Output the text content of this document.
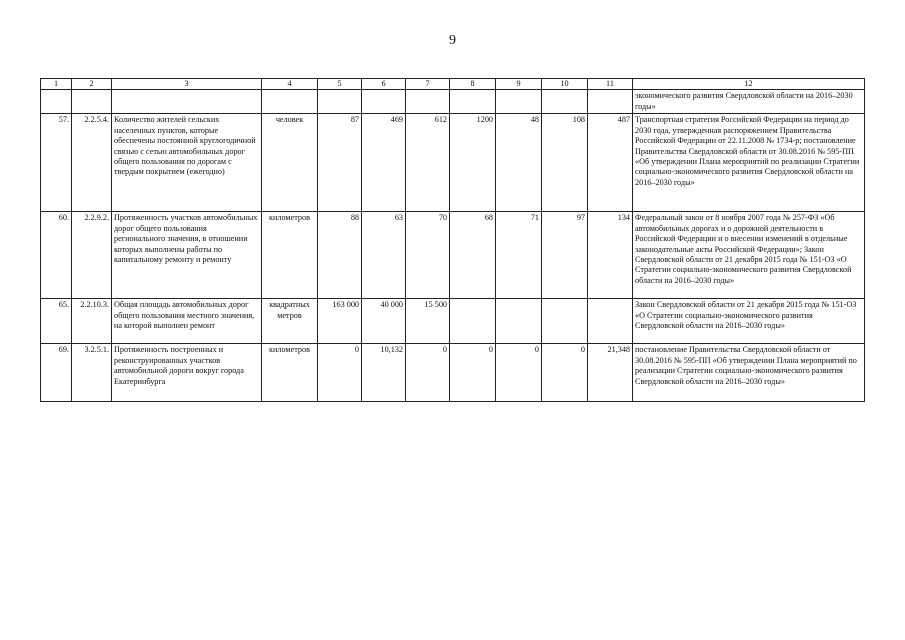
9
1	2	3	4	5	6	7	8	9	10	11	12
											экономического развития Свердловской области на 2016–2030 годы»
57.	2.2.5.4.	Количество жителей сельских населенных пунктов, которые обеспечены постоянной круглогодичной связью с сетью автомобильных дорог общего пользования по дорогам с твердым покрытием (ежегодно)	человек	87	469	612	1200	48	108	487	Транспортная стратегия Российской Федерации на период до 2030 года, утвержденная распоряжением Правительства Российской Федерации от 22.11.2008 № 1734-р; постановление Правительства Свердловской области от 30.08.2016 № 595-ПП «Об утверждении Плана мероприятий по реализации Стратегии социально-экономического развития Свердловской области на 2016–2030 годы»
60.	2.2.9.2.	Протяженность участков автомобильных дорог общего пользования регионального значения, в отношении которых выполнены работы по капитальному ремонту и ремонту	километров	88	63	70	68	71	97	134	Федеральный закон от 8 ноября 2007 года № 257-ФЗ «Об автомобильных дорогах и о дорожной деятельности в Российской Федерации и о внесении изменений в отдельные законодательные акты Российской Федерации»; Закон Свердловской области от 21 декабря 2015 года № 151-ОЗ «О Стратегии социально-экономического развития Свердловской области на 2016–2030 годы»
65.	2.2.10.3.	Общая площадь автомобильных дорог общего пользования местного значения, на которой выполнен ремонт	квадратных метров	163 000	40 000	15 500					Закон Свердловской области от 21 декабря 2015 года № 151-ОЗ «О Стратегии социально-экономического развития Свердловской области на 2016–2030 годы»
69.	3.2.5.1.	Протяженность построенных и реконструированных участков автомобильной дороги вокруг города Екатеринбурга	километров	0	10,132	0	0	0	0	21,348	постановление Правительства Свердловской области от 30.08.2016 № 595-ПП «Об утверждении Плана мероприятий по реализации Стратегии социально-экономического развития Свердловской области на 2016–2030 годы»
